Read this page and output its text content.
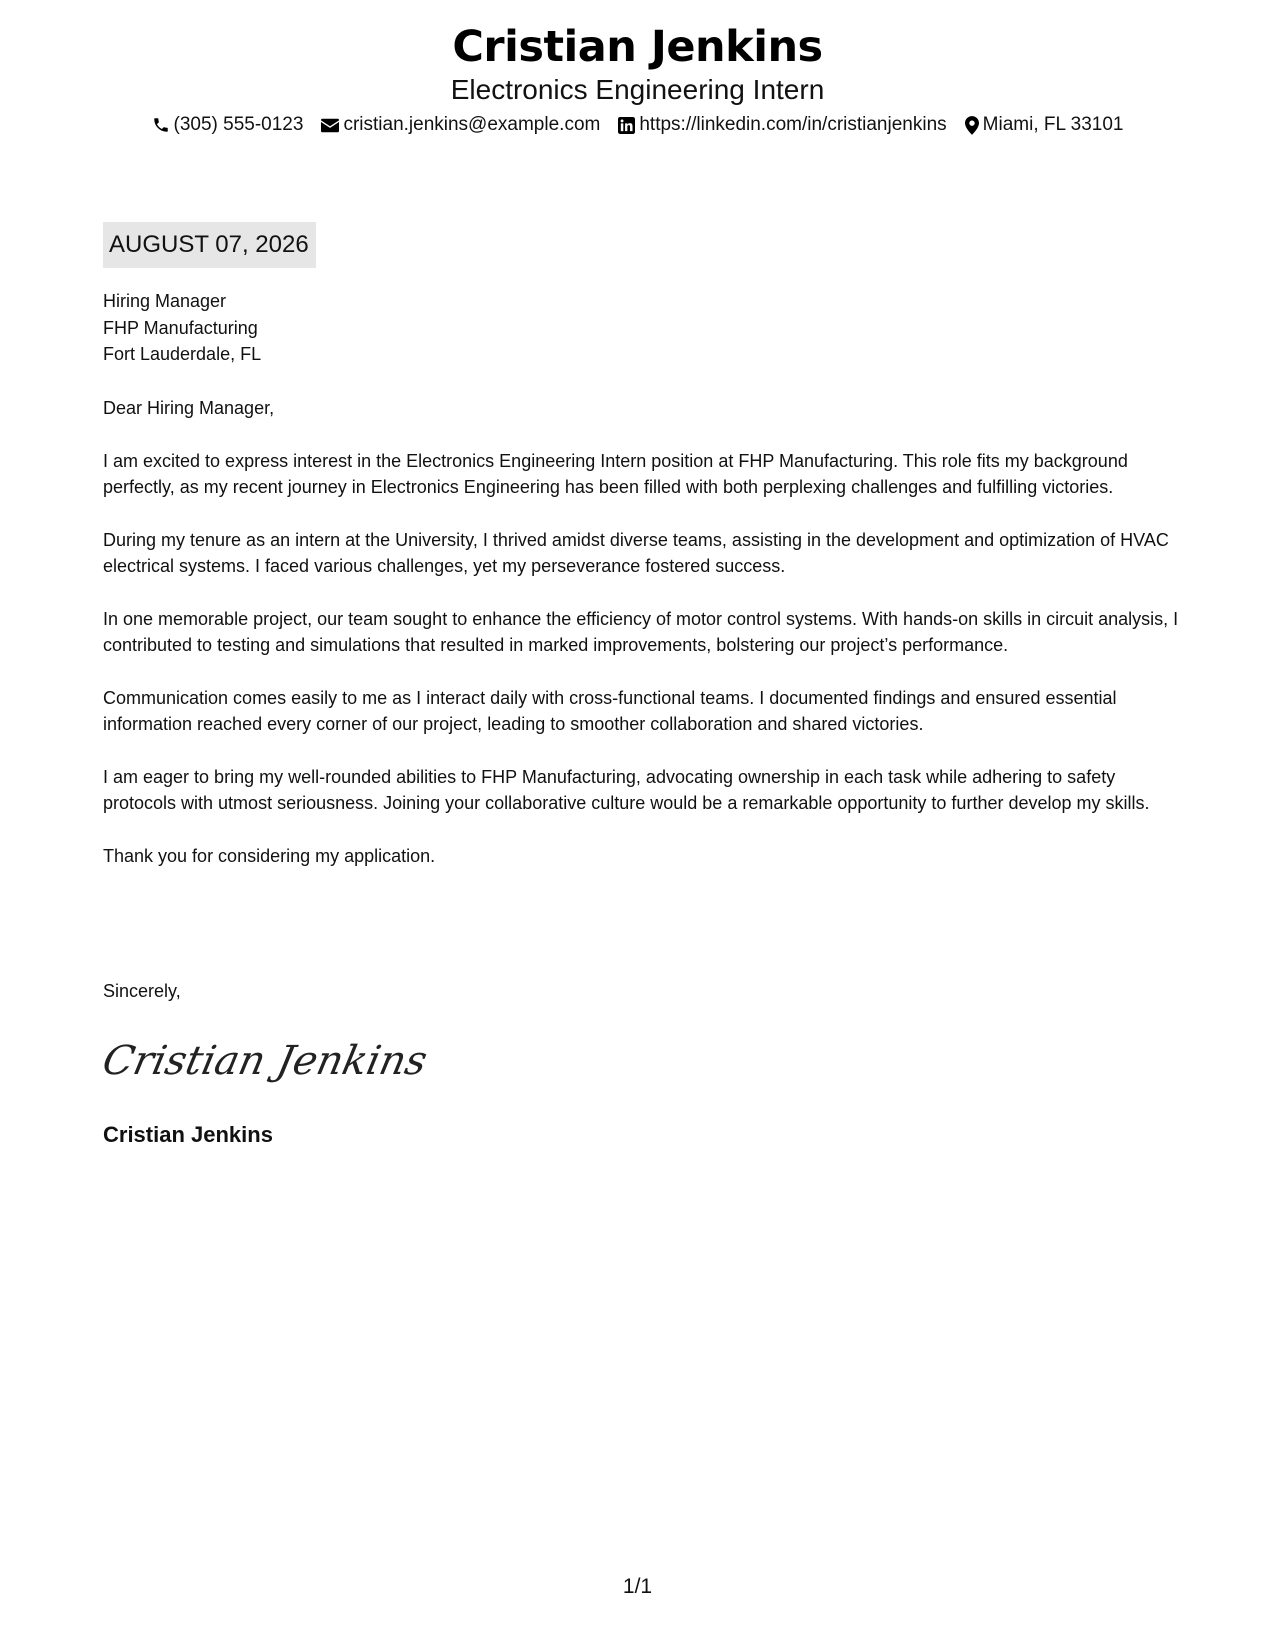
Cristian Jenkins
Electronics Engineering Intern
(305) 555-0123 cristian.jenkins@example.com https://linkedin.com/in/cristianjenkins Miami, FL 33101
AUGUST 07, 2026
Hiring Manager
FHP Manufacturing
Fort Lauderdale, FL

Dear Hiring Manager,

I am excited to express interest in the Electronics Engineering Intern position at FHP Manufacturing. This role fits my background perfectly, as my recent journey in Electronics Engineering has been filled with both perplexing challenges and fulfilling victories.

During my tenure as an intern at the University, I thrived amidst diverse teams, assisting in the development and optimization of HVAC electrical systems. I faced various challenges, yet my perseverance fostered success.

In one memorable project, our team sought to enhance the efficiency of motor control systems. With hands-on skills in circuit analysis, I contributed to testing and simulations that resulted in marked improvements, bolstering our project’s performance.

Communication comes easily to me as I interact daily with cross-functional teams. I documented findings and ensured essential information reached every corner of our project, leading to smoother collaboration and shared victories.

I am eager to bring my well-rounded abilities to FHP Manufacturing, advocating ownership in each task while adhering to safety protocols with utmost seriousness. Joining your collaborative culture would be a remarkable opportunity to further develop my skills.

Thank you for considering my application.

Sincerely,
Cristian Jenkins
Cristian Jenkins
1/1
